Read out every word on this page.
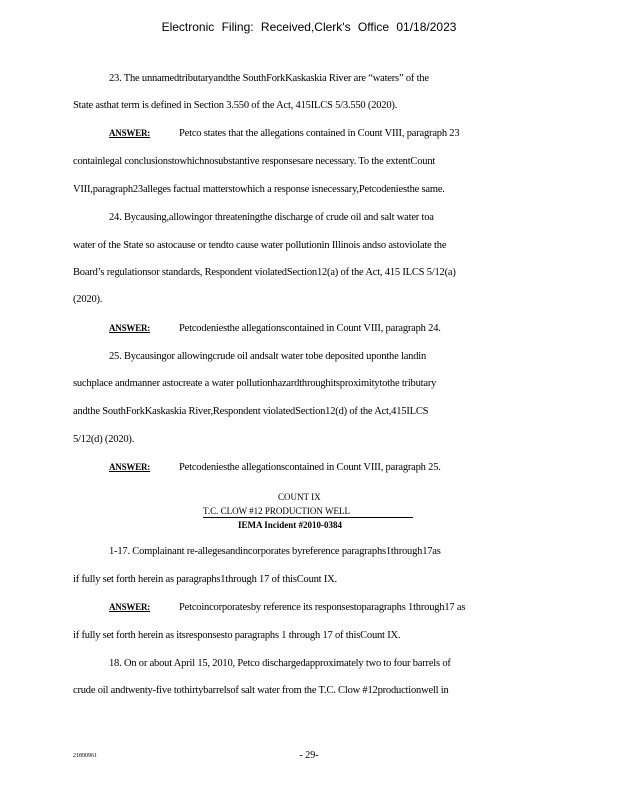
Electronic Filing: Received,Clerk's Office 01/18/2023
23. The unnamedtributaryandthe SouthForkKaskaskia River are “waters” of the
State asthat term is defined in Section 3.550 of the Act, 415ILCS 5/3.550 (2020).
ANSWER:	Petco states that the allegations contained in Count VIII, paragraph 23
containlegal conclusionstowhichnosubstantive responsesare necessary. To the extentCount
VIII,paragraph23alleges factual matterstowhich a response isnecessary,Petcodeniesthe same.
24. Bycausing,allowingor threateningthe discharge of crude oil and salt water toa
water of the State so astocause or tendto cause water pollutionin Illinois andso astoviolate the
Board’s regulationsor standards, Respondent violatedSection12(a) of the Act, 415 ILCS 5/12(a)
(2020).
ANSWER:	Petcodeniesthe allegationscontained in Count VIII, paragraph 24.
25. Bycausingor allowingcrude oil andsalt water tobe deposited uponthe landin
suchplace andmanner astocreate a water pollutionhazardthroughitsproximitytothe tributary
andthe SouthForkKaskaskia River,Respondent violatedSection12(d) of the Act,415ILCS
5/12(d) (2020).
ANSWER:	Petcodeniesthe allegationscontained in Count VIII, paragraph 25.
COUNT IX
T.C. CLOW #12 PRODUCTION WELL
IEMA Incident #2010-0384
1-17. Complainant re-allegesandincorporates byreference paragraphs1through17as
if fully set forth herein as paragraphs1through 17 of thisCount IX.
ANSWER:	Petcoincorporatesby reference its responsestoparagraphs 1through17 as
if fully set forth herein as itsresponsesto paragraphs 1 through 17 of thisCount IX.
18. On or about April 15, 2010, Petco dischargedapproximately two to four barrels of
crude oil andtwenty-five tothirtybarrelsof salt water from the T.C. Clow #12productionwell in
21890961	- 29-
